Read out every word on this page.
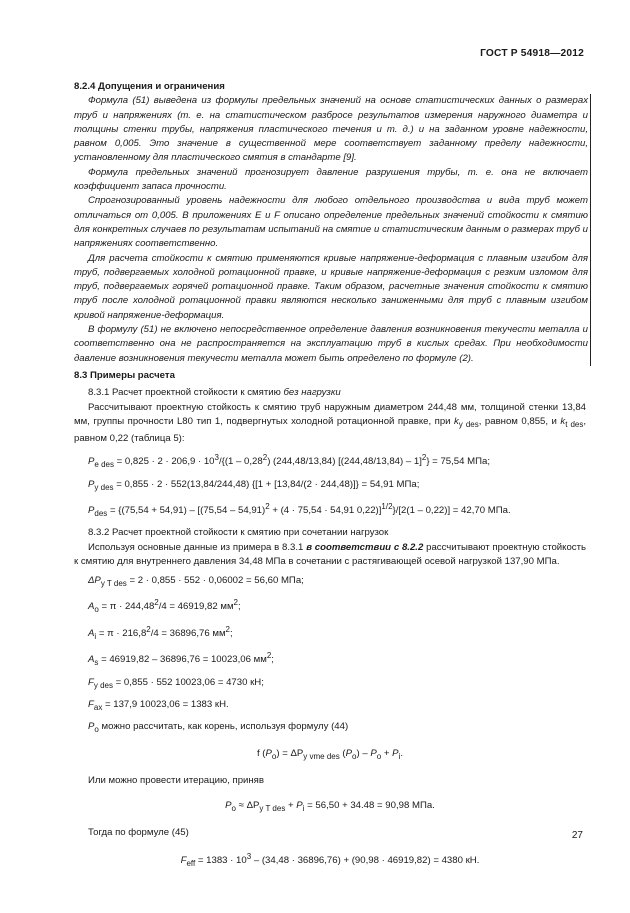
ГОСТ Р 54918—2012

8.2.4 Допущения и ограничения

Формула (51) выведена из формулы предельных значений на основе статистических данных о размерах труб и напряжениях (т. е. на статистическом разбросе результатов измерения наружного диаметра и толщины стенки трубы, напряжения пластического течения и т. д.) и на заданном уровне надежности, равном 0,005. Это значение в существенной мере соответствует заданному пределу надежности, установленному для пластического смятия в стандарте [9].

Формула предельных значений прогнозирует давление разрушения трубы, т. е. она не включает коэффициент запаса прочности.

Спрогнозированный уровень надежности для любого отдельного производства и вида труб может отличаться от 0,005. В приложениях Е и F описано определение предельных значений стойкости к смятию для конкретных случаев по результатам испытаний на смятие и статистическим данным о размерах труб и напряжениях соответственно.

Для расчета стойкости к смятию применяются кривые напряжение-деформация с плавным изгибом для труб, подвергаемых холодной ротационной правке, и кривые напряжение-деформация с резким изломом для труб, подвергаемых горячей ротационной правке. Таким образом, расчетные значения стойкости к смятию труб после холодной ротационной правки являются несколько заниженными для труб с плавным изгибом кривой напряжение-деформация.

В формулу (51) не включено непосредственное определение давления возникновения текучести металла и соответственно она не распространяется на эксплуатацию труб в кислых средах. При необходимости давление возникновения текучести металла может быть определено по формуле (2).

8.3 Примеры расчета

8.3.1 Расчет проектной стойкости к смятию без нагрузки

Рассчитывают проектную стойкость к смятию труб наружным диаметром 244,48 мм, толщиной стенки 13,84 мм, группы прочности L80 тип 1, подвергнутых холодной ротационной правке, при $k_{y des}$, равном 0,855, и $k_{t des}$, равном 0,22 (таблица 5):

$P_{e des} = 0,825 \cdot 2 \cdot 206,9 \cdot 10^3/\{(1 - 0,28^2)$ (244,48/13,84) [(244,48/13,84) – 1]$^2$} = 75,54 МПа;

$P_{y des} = 0,855 \cdot 2 \cdot 552(13,84/244,48) \{[1 + [13,84/(2 \cdot 244,48)]\} = 54,91$ МПа;

$P_{des} = \{(75,54 + 54,91) - [(75,54 - 54,91)^2 + (4 \cdot 75,54 \cdot 54,91$ 0,22)]$^{1/2}$}/[2(1 – 0,22)] = 42,70 МПа.

8.3.2 Расчет проектной стойкости к смятию при сочетании нагрузок

Используя основные данные из примера в 8.3.1 в соответствии с 8.2.2 рассчитывают проектную стойкость к смятию для внутреннего давления 34,48 МПа в сочетании с растягивающей осевой нагрузкой 137,90 МПа.

$\Delta P_{y T des} = 2 \cdot 0,855 \cdot 552 \cdot 0,06002 = 56,60$ МПа;

$A_o = \pi \cdot 244,48^2/4 = 46919,82$ $мм^2$;

$A_i = \pi \cdot 216,8^2/4 = 36896,76$ $мм^2$;

$A_s = 46919,82 - 36896,76 = 10023,06$ $мм^2$;

$F_{y des} = 0,855 \cdot 552$ 10023,06 = 4730 кН;

$F_{ax} = 137,9$ 10023,06 = 1383 кН.

$P_o$ можно рассчитать, как корень, используя формулу (44)

f $(P_o) = \Delta P_{y vme des}$ $(P_o) - P_o + P_i$.

Или можно провести итерацию, приняв

$P_o \approx \Delta P_{y T des} + P_i = 56,50 + 34.48 = 90,98$ МПа.

Тогда по формуле (45)

$F_{eff} = 1383 \cdot 10^3 - (34,48 \cdot 36896,76) + (90,98 \cdot 46919,82) = 4380$ кН.

27
